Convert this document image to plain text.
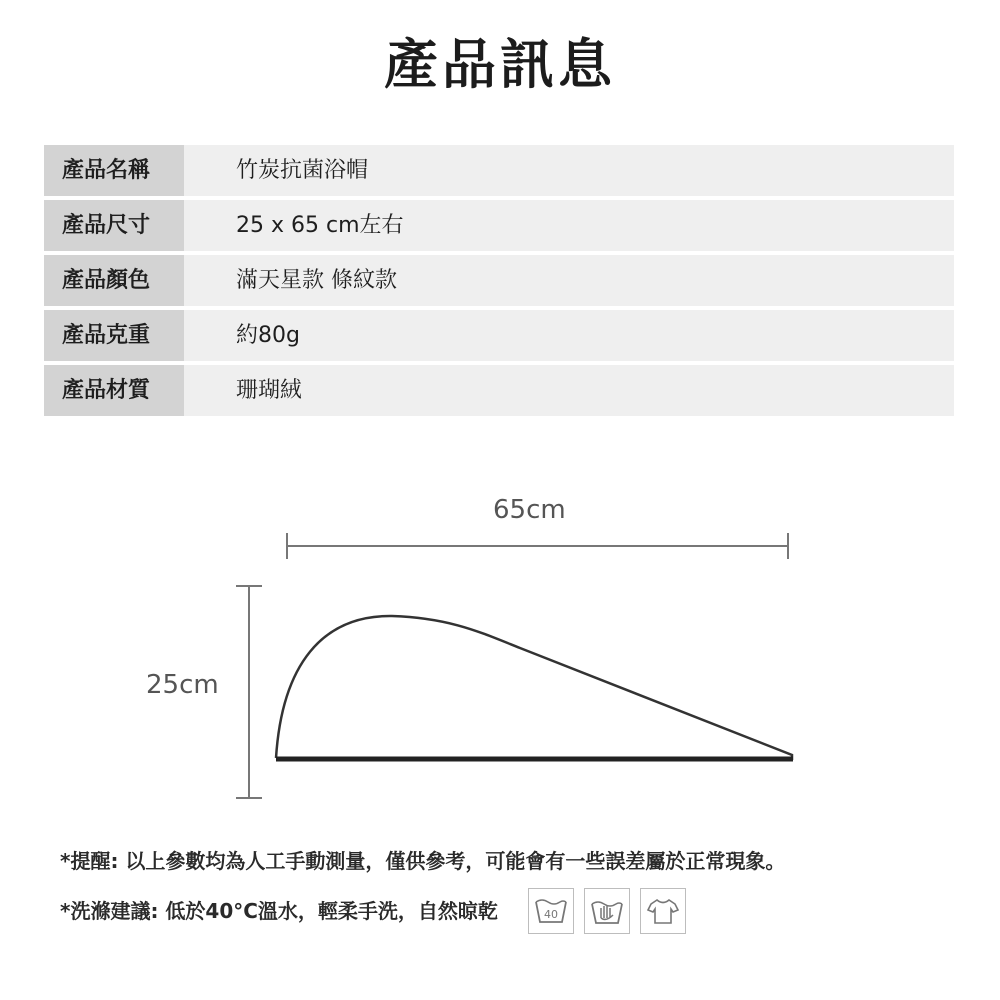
產品訊息
產品名稱	竹炭抗菌浴帽
產品尺寸	25 x 65 cm左右
產品顏色	滿天星款 條紋款
產品克重	約80g
產品材質	珊瑚絨
65cm
25cm
*提醒: 以上參數均為人工手動測量，僅供參考，可能會有一些誤差屬於正常現象。
*洗滌建議: 低於40°C溫水，輕柔手洗，自然晾乾	40
